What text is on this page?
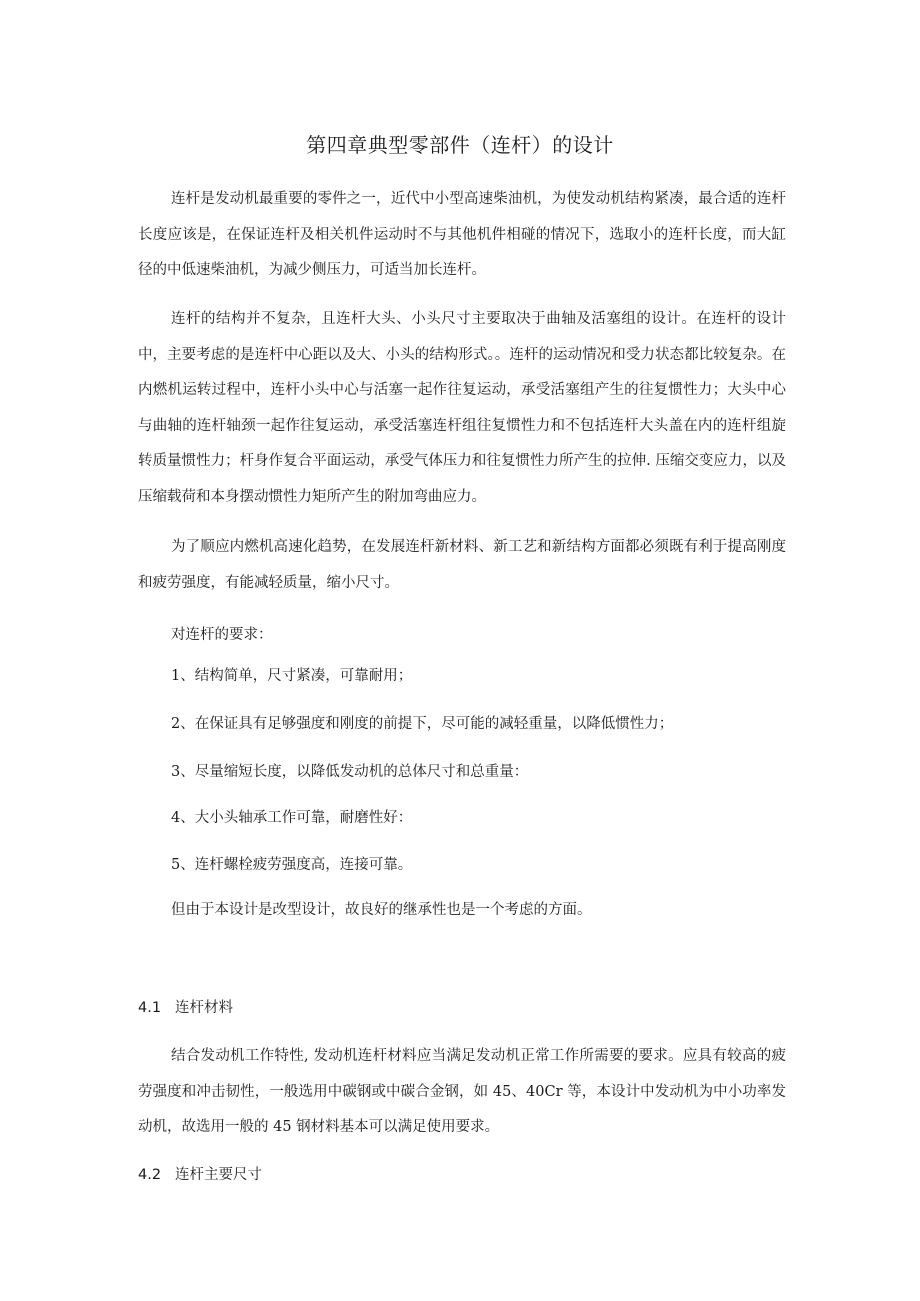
第四章典型零部件（连杆）的设计

连杆是发动机最重要的零件之一，近代中小型高速柴油机，为使发动机结构紧凑，最合适的连杆长度应该是，在保证连杆及相关机件运动时不与其他机件相碰的情况下，选取小的连杆长度，而大缸径的中低速柴油机，为减少侧压力，可适当加长连杆。

连杆的结构并不复杂，且连杆大头、小头尺寸主要取决于曲轴及活塞组的设计。在连杆的设计中，主要考虑的是连杆中心距以及大、小头的结构形式。。连杆的运动情况和受力状态都比较复杂。在内燃机运转过程中，连杆小头中心与活塞一起作往复运动，承受活塞组产生的往复惯性力；大头中心与曲轴的连杆轴颈一起作往复运动，承受活塞连杆组往复惯性力和不包括连杆大头盖在内的连杆组旋转质量惯性力；杆身作复合平面运动，承受气体压力和往复惯性力所产生的拉伸. 压缩交变应力，以及压缩载荷和本身摆动惯性力矩所产生的附加弯曲应力。

为了顺应内燃机高速化趋势，在发展连杆新材料、新工艺和新结构方面都必须既有利于提高刚度和疲劳强度，有能减轻质量，缩小尺寸。

对连杆的要求：

1、结构简单，尺寸紧凑，可靠耐用；

2、在保证具有足够强度和刚度的前提下，尽可能的减轻重量，以降低惯性力；

3、尽量缩短长度，以降低发动机的总体尺寸和总重量：

4、大小头轴承工作可靠，耐磨性好：

5、连杆螺栓疲劳强度高，连接可靠。

但由于本设计是改型设计，故良好的继承性也是一个考虑的方面。

4.1 连杆材料

结合发动机工作特性, 发动机连杆材料应当满足发动机正常工作所需要的要求。应具有较高的疲劳强度和冲击韧性，一般选用中碳钢或中碳合金钢，如 45、40Cr 等，本设计中发动机为中小功率发动机，故选用一般的 45 钢材料基本可以满足使用要求。

4.2 连杆主要尺寸
